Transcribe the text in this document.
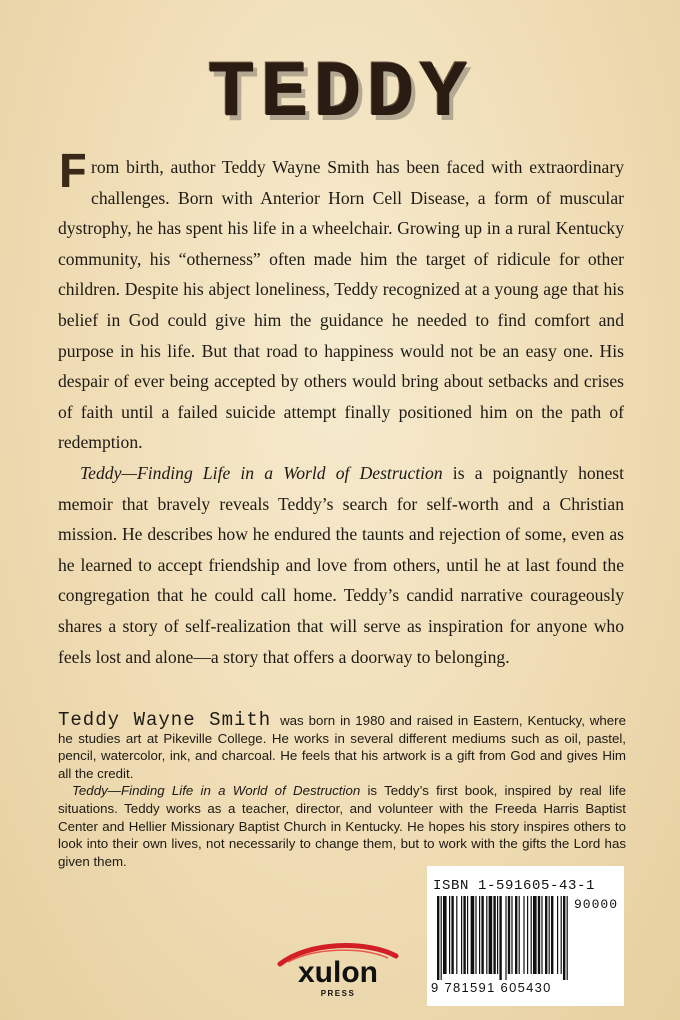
TEDDY

From birth, author Teddy Wayne Smith has been faced with extraordinary challenges. Born with Anterior Horn Cell Disease, a form of muscular dystrophy, he has spent his life in a wheelchair. Growing up in a rural Kentucky community, his “otherness” often made him the target of ridicule for other children. Despite his abject loneliness, Teddy recognized at a young age that his belief in God could give him the guidance he needed to find comfort and purpose in his life. But that road to happiness would not be an easy one. His despair of ever being accepted by others would bring about setbacks and crises of faith until a failed suicide attempt finally positioned him on the path of redemption.

Teddy—Finding Life in a World of Destruction is a poignantly honest memoir that bravely reveals Teddy’s search for self-worth and a Christian mission. He describes how he endured the taunts and rejection of some, even as he learned to accept friendship and love from others, until he at last found the congregation that he could call home. Teddy’s candid narrative courageously shares a story of self-realization that will serve as inspiration for anyone who feels lost and alone—a story that offers a doorway to belonging.

Teddy Wayne Smith was born in 1980 and raised in Eastern, Kentucky, where he studies art at Pikeville College. He works in several different mediums such as oil, pastel, pencil, watercolor, ink, and charcoal. He feels that his artwork is a gift from God and gives Him all the credit.

Teddy—Finding Life in a World of Destruction is Teddy’s first book, inspired by real life situations. Teddy works as a teacher, director, and volunteer with the Freeda Harris Baptist Center and Hellier Missionary Baptist Church in Kentucky. He hopes his story inspires others to look into their own lives, not necessarily to change them, but to work with the gifts the Lord has given them.

ISBN 1-591605-43-1
90000
9 781591 605430
xulon
PRESS
